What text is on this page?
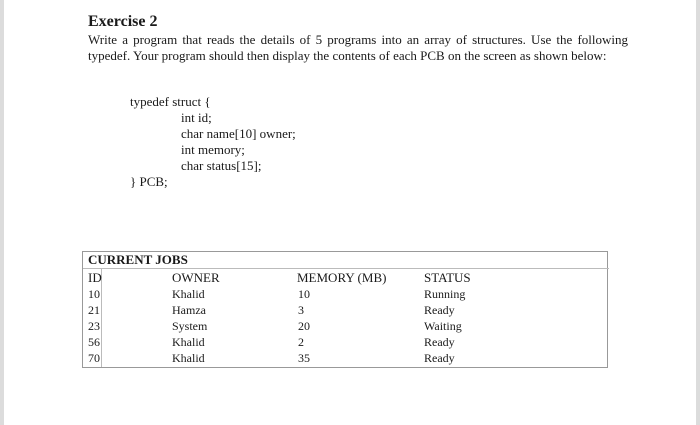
Exercise 2
Write a program that reads the details of 5 programs into an array of structures. Use the following typedef. Your program should then display the contents of each PCB on the screen as shown below:
typedef struct {
int id;
char name[10] owner;
int memory;
char status[15];
} PCB;
CURRENT JOBS
ID	OWNER	MEMORY (MB)	STATUS
10	Khalid	10	Running
21	Hamza	3	Ready
23	System	20	Waiting
56	Khalid	2	Ready
70	Khalid	35	Ready
